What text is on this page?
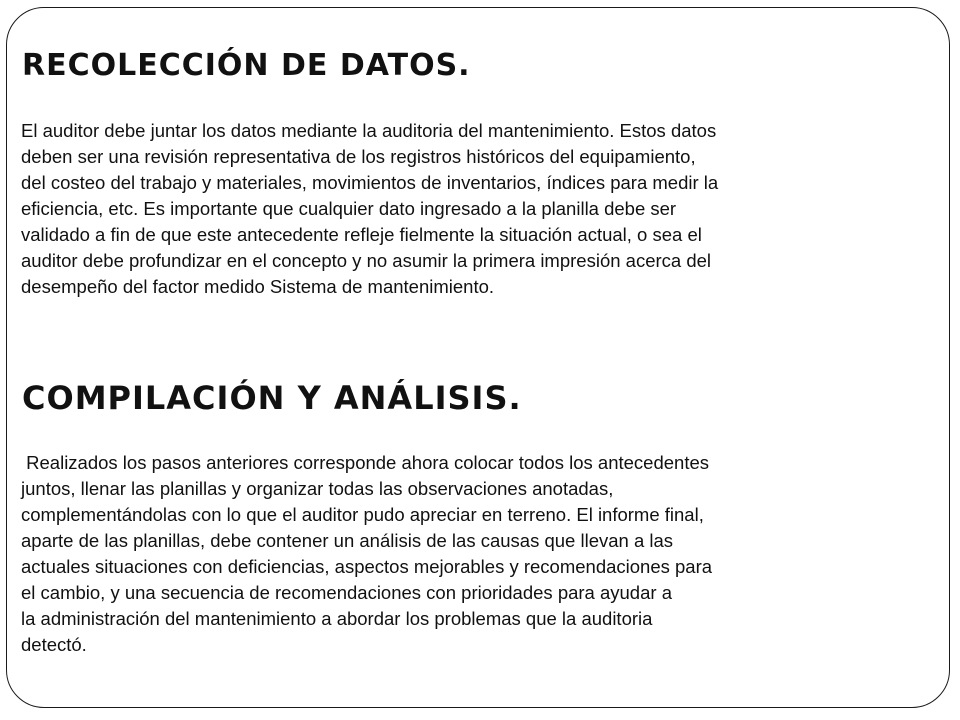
RECOLECCIÓN DE DATOS.
El auditor debe juntar los datos mediante la auditoria del mantenimiento. Estos datos
deben ser una revisión representativa de los registros históricos del equipamiento,
del costeo del trabajo y materiales, movimientos de inventarios, índices para medir la
eficiencia, etc. Es importante que cualquier dato ingresado a la planilla debe ser
validado a fin de que este antecedente refleje fielmente la situación actual, o sea el
auditor debe profundizar en el concepto y no asumir la primera impresión acerca del
desempeño del factor medido Sistema de mantenimiento.
COMPILACIÓN Y ANÁLISIS.
Realizados los pasos anteriores corresponde ahora colocar todos los antecedentes
juntos, llenar las planillas y organizar todas las observaciones anotadas,
complementándolas con lo que el auditor pudo apreciar en terreno. El informe final,
aparte de las planillas, debe contener un análisis de las causas que llevan a las
actuales situaciones con deficiencias, aspectos mejorables y recomendaciones para
el cambio, y una secuencia de recomendaciones con prioridades para ayudar a
la administración del mantenimiento a abordar los problemas que la auditoria
detectó.
